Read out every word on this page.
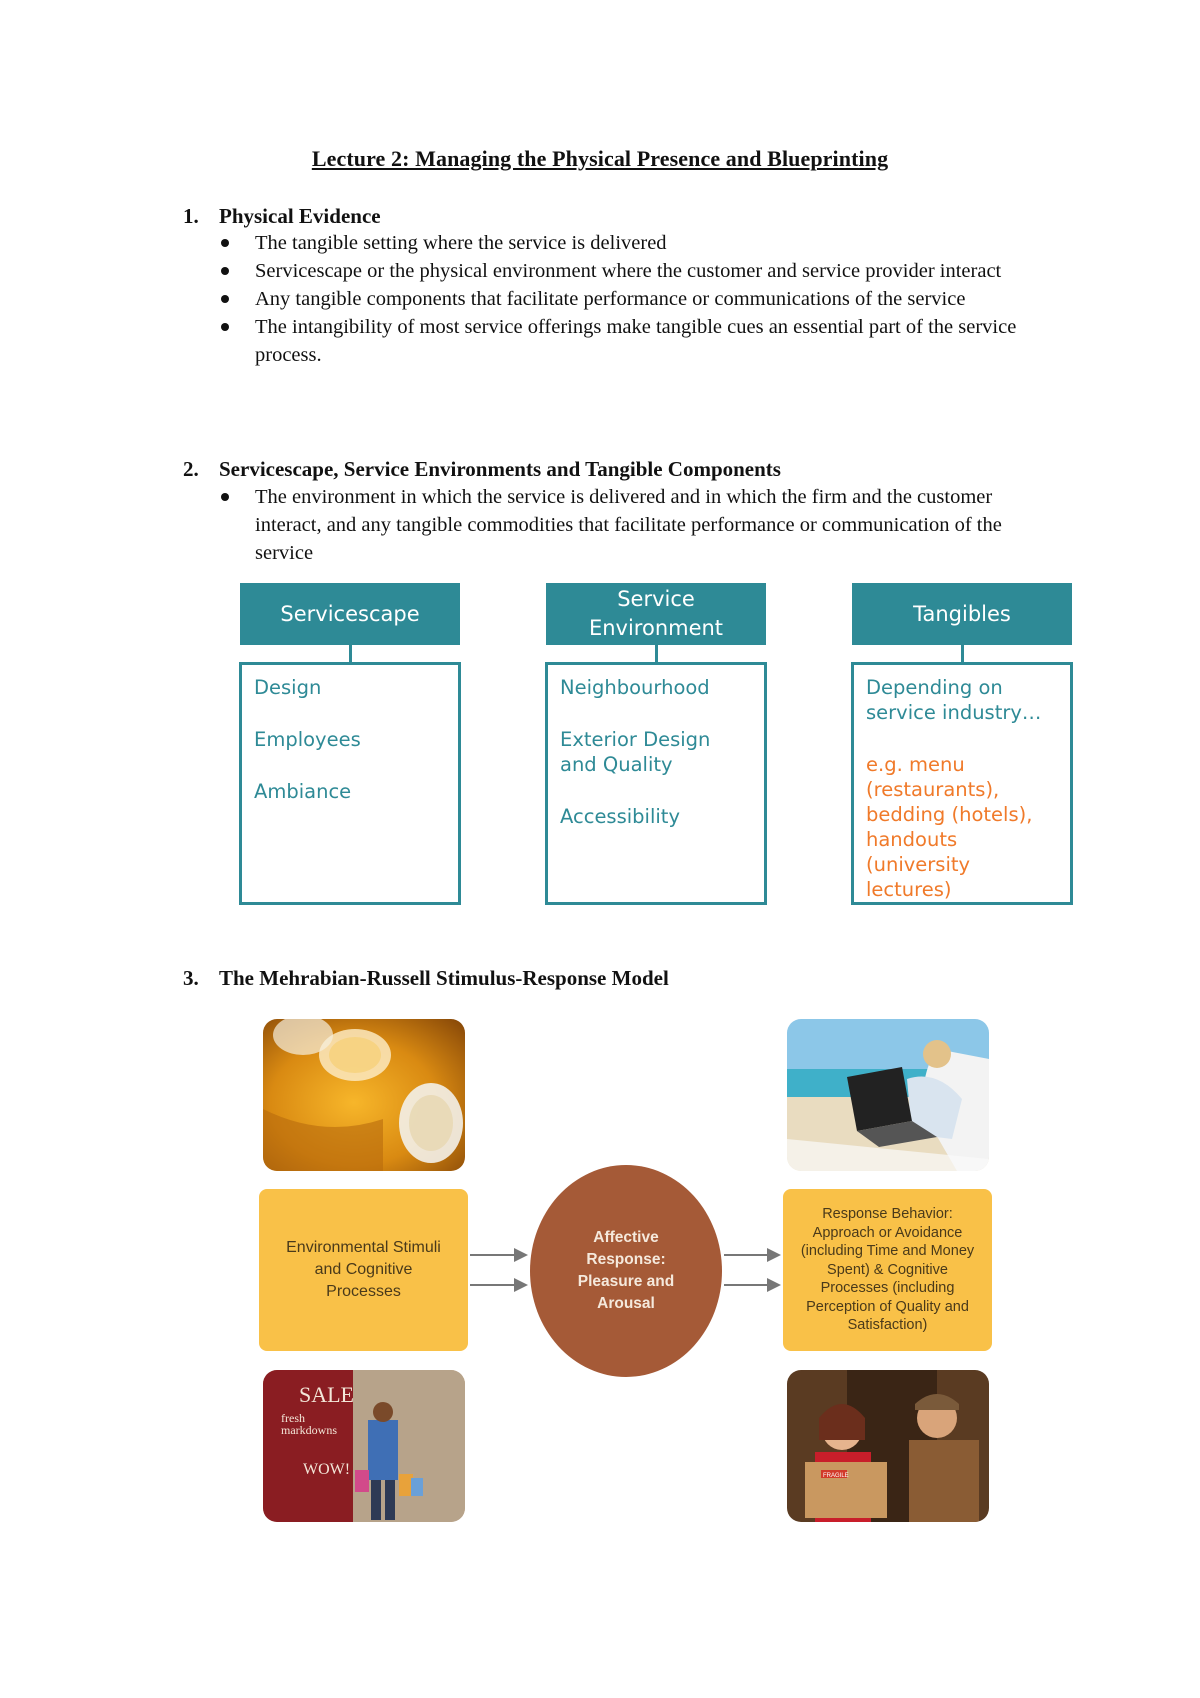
Lecture 2: Managing the Physical Presence and Blueprinting
1. Physical Evidence
The tangible setting where the service is delivered
Servicescape or the physical environment where the customer and service provider interact
Any tangible components that facilitate performance or communications of the service
The intangibility of most service offerings make tangible cues an essential part of the service process.
2. Servicescape, Service Environments and Tangible Components
The environment in which the service is delivered and in which the firm and the customer interact, and any tangible commodities that facilitate performance or communication of the service
Servicescape
Design
Employees
Ambiance
Service
Environment
Neighbourhood
Exterior Design and Quality
Accessibility
Tangibles
Depending on service industry…
e.g. menu (restaurants), bedding (hotels), handouts (university lectures)
3. The Mehrabian-Russell Stimulus-Response Model
Environmental Stimuli and Cognitive Processes
Affective Response: Pleasure and Arousal
Response Behavior: Approach or Avoidance (including Time and Money Spent) & Cognitive Processes (including Perception of Quality and Satisfaction)
SALE
fresh
markdowns
WOW!	FRAGILE
